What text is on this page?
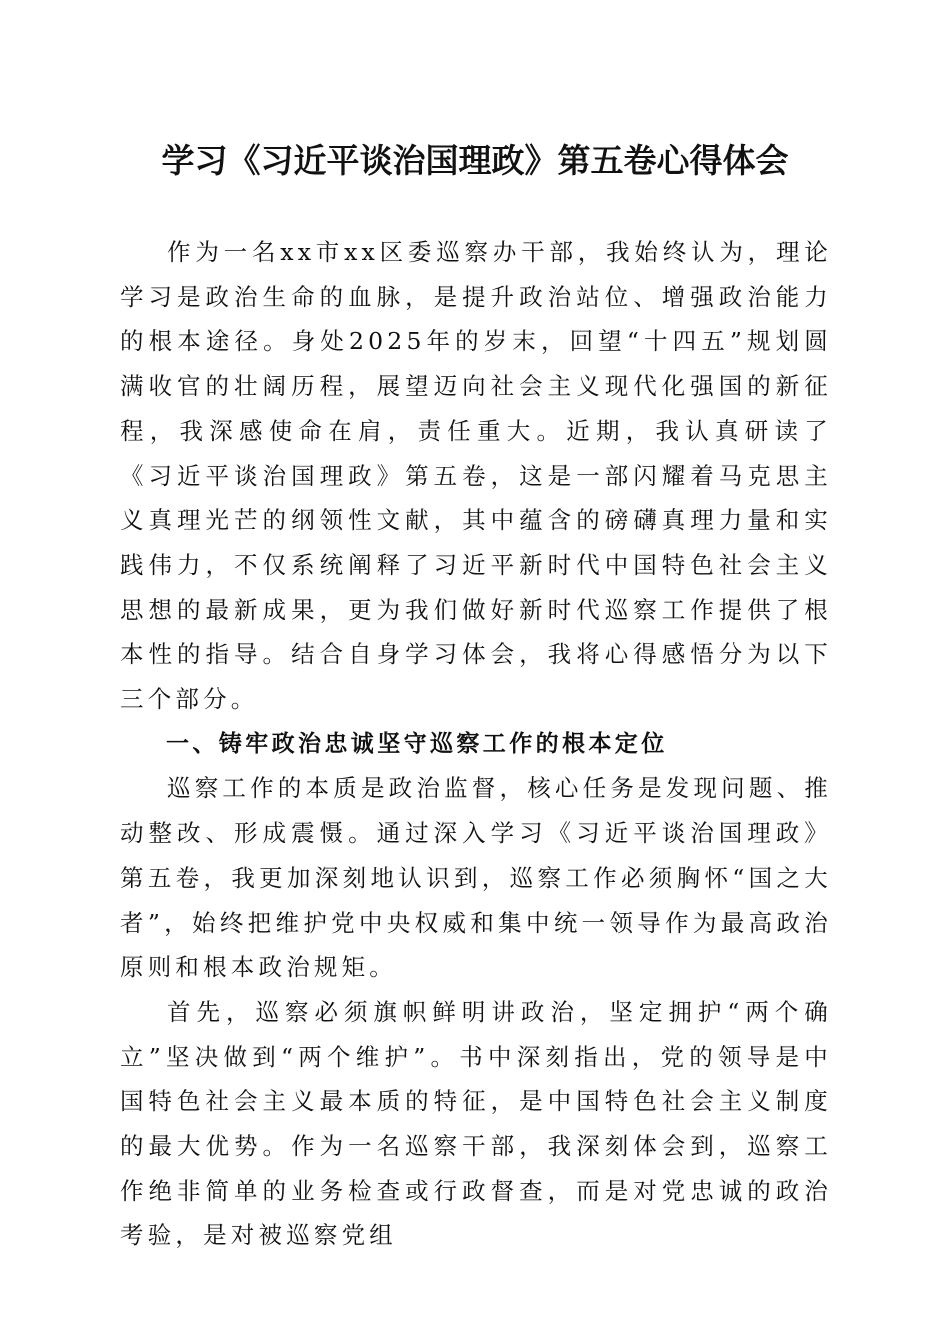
学习《习近平谈治国理政》第五卷心得体会

作为一名xx市xx区委巡察办干部，我始终认为，理论学习是政治生命的血脉，是提升政治站位、增强政治能力的根本途径。身处2025年的岁末，回望“十四五”规划圆满收官的壮阔历程，展望迈向社会主义现代化强国的新征程，我深感使命在肩，责任重大。近期，我认真研读了《习近平谈治国理政》第五卷，这是一部闪耀着马克思主义真理光芒的纲领性文献，其中蕴含的磅礴真理力量和实践伟力，不仅系统阐释了习近平新时代中国特色社会主义思想的最新成果，更为我们做好新时代巡察工作提供了根本性的指导。结合自身学习体会，我将心得感悟分为以下三个部分。

一、铸牢政治忠诚坚守巡察工作的根本定位

巡察工作的本质是政治监督，核心任务是发现问题、推动整改、形成震慑。通过深入学习《习近平谈治国理政》第五卷，我更加深刻地认识到，巡察工作必须胸怀“国之大者”，始终把维护党中央权威和集中统一领导作为最高政治原则和根本政治规矩。

首先，巡察必须旗帜鲜明讲政治，坚定拥护“两个确立”坚决做到“两个维护”。书中深刻指出，党的领导是中国特色社会主义最本质的特征，是中国特色社会主义制度的最大优势。作为一名巡察干部，我深刻体会到，巡察工作绝非简单的业务检查或行政督查，而是对党忠诚的政治考验，是对被巡察党组
